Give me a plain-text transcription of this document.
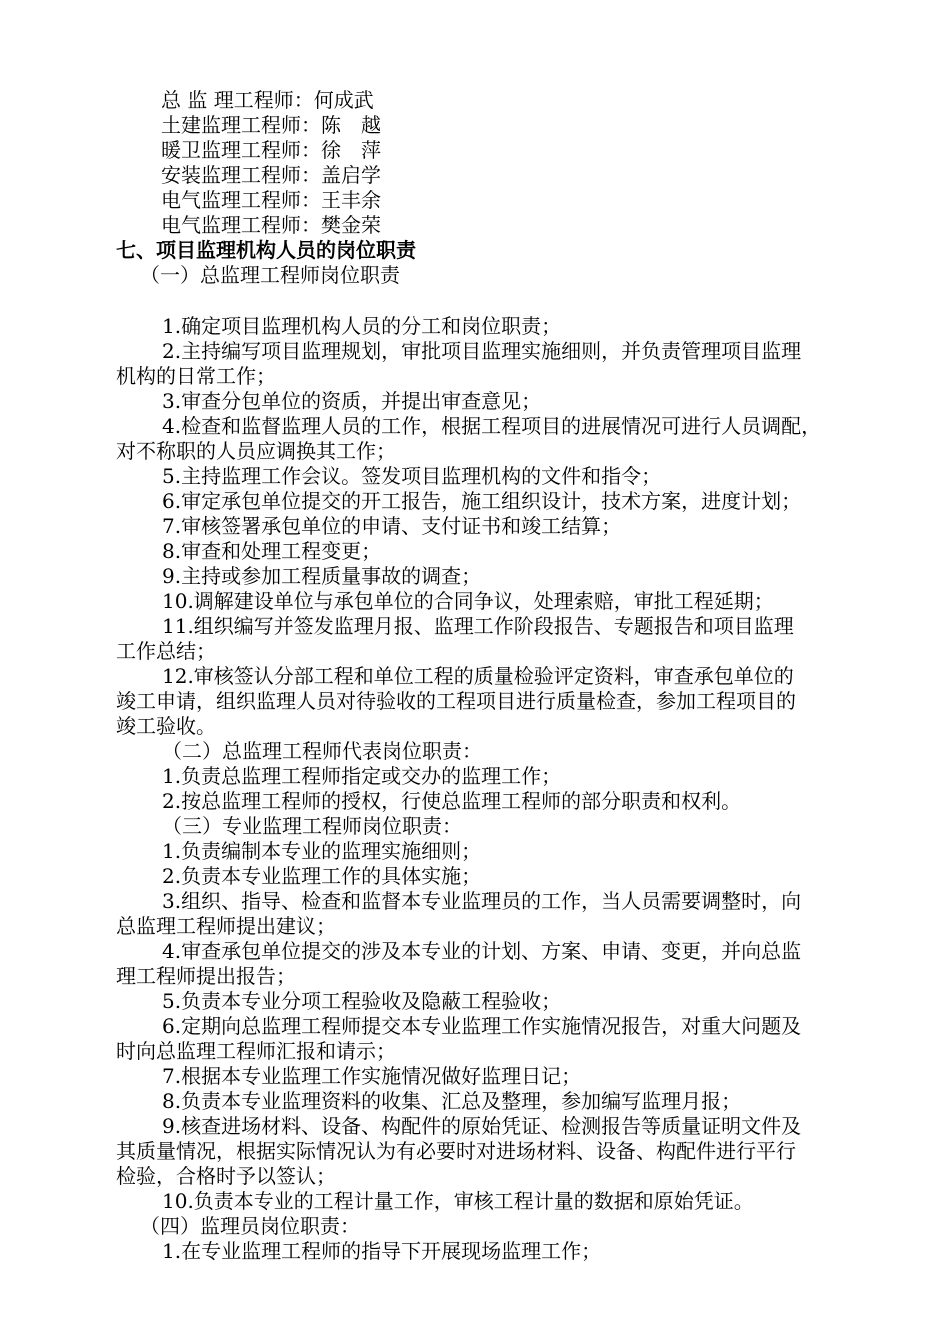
总 监 理工程师：何成武
土建监理工程师：陈　越
暖卫监理工程师：徐　萍
安装监理工程师：盖启学
电气监理工程师：王丰余
电气监理工程师：樊金荣
七、项目监理机构人员的岗位职责
（一）总监理工程师岗位职责
1.确定项目监理机构人员的分工和岗位职责；
2.主持编写项目监理规划，审批项目监理实施细则，并负责管理项目监理
机构的日常工作；
3.审查分包单位的资质，并提出审查意见；
4.检查和监督监理人员的工作，根据工程项目的进展情况可进行人员调配，
对不称职的人员应调换其工作；
5.主持监理工作会议。签发项目监理机构的文件和指令；
6.审定承包单位提交的开工报告，施工组织设计，技术方案，进度计划；
7.审核签署承包单位的申请、支付证书和竣工结算；
8.审查和处理工程变更；
9.主持或参加工程质量事故的调查；
10.调解建设单位与承包单位的合同争议，处理索赔，审批工程延期；
11.组织编写并签发监理月报、监理工作阶段报告、专题报告和项目监理
工作总结；
12.审核签认分部工程和单位工程的质量检验评定资料，审查承包单位的
竣工申请，组织监理人员对待验收的工程项目进行质量检查，参加工程项目的
竣工验收。
（二）总监理工程师代表岗位职责：
1.负责总监理工程师指定或交办的监理工作；
2.按总监理工程师的授权，行使总监理工程师的部分职责和权利。
（三）专业监理工程师岗位职责：
1.负责编制本专业的监理实施细则；
2.负责本专业监理工作的具体实施；
3.组织、指导、检查和监督本专业监理员的工作，当人员需要调整时，向
总监理工程师提出建议；
4.审查承包单位提交的涉及本专业的计划、方案、申请、变更，并向总监
理工程师提出报告；
5.负责本专业分项工程验收及隐蔽工程验收；
6.定期向总监理工程师提交本专业监理工作实施情况报告，对重大问题及
时向总监理工程师汇报和请示；
7.根据本专业监理工作实施情况做好监理日记；
8.负责本专业监理资料的收集、汇总及整理，参加编写监理月报；
9.核查进场材料、设备、构配件的原始凭证、检测报告等质量证明文件及
其质量情况，根据实际情况认为有必要时对进场材料、设备、构配件进行平行
检验，合格时予以签认；
10.负责本专业的工程计量工作，审核工程计量的数据和原始凭证。
（四）监理员岗位职责：
1.在专业监理工程师的指导下开展现场监理工作；
